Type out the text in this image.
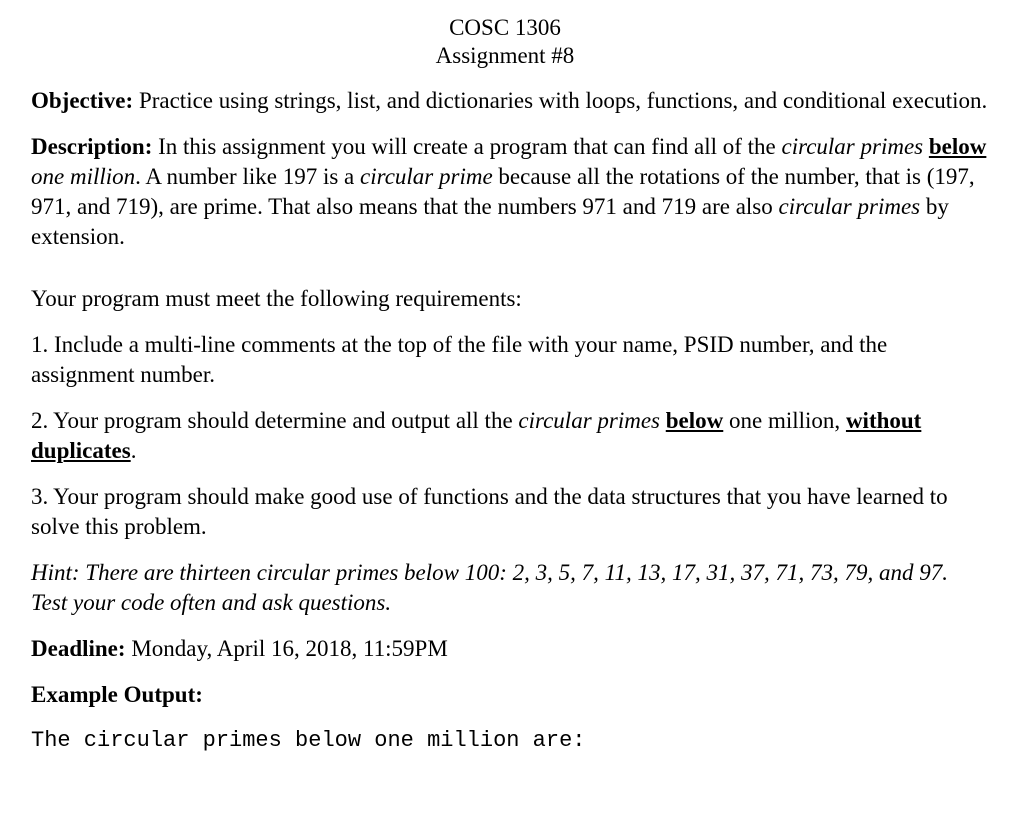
COSC 1306
Assignment #8

Objective: Practice using strings, list, and dictionaries with loops, functions, and conditional execution.

Description: In this assignment you will create a program that can find all of the circular primes below one million. A number like 197 is a circular prime because all the rotations of the number, that is (197, 971, and 719), are prime. That also means that the numbers 971 and 719 are also circular primes by extension.

Your program must meet the following requirements:

1. Include a multi-line comments at the top of the file with your name, PSID number, and the assignment number.

2. Your program should determine and output all the circular primes below one million, without duplicates.

3. Your program should make good use of functions and the data structures that you have learned to solve this problem.

Hint: There are thirteen circular primes below 100: 2, 3, 5, 7, 11, 13, 17, 31, 37, 71, 73, 79, and 97. Test your code often and ask questions.

Deadline: Monday, April 16, 2018, 11:59PM

Example Output:

The circular primes below one million are:
